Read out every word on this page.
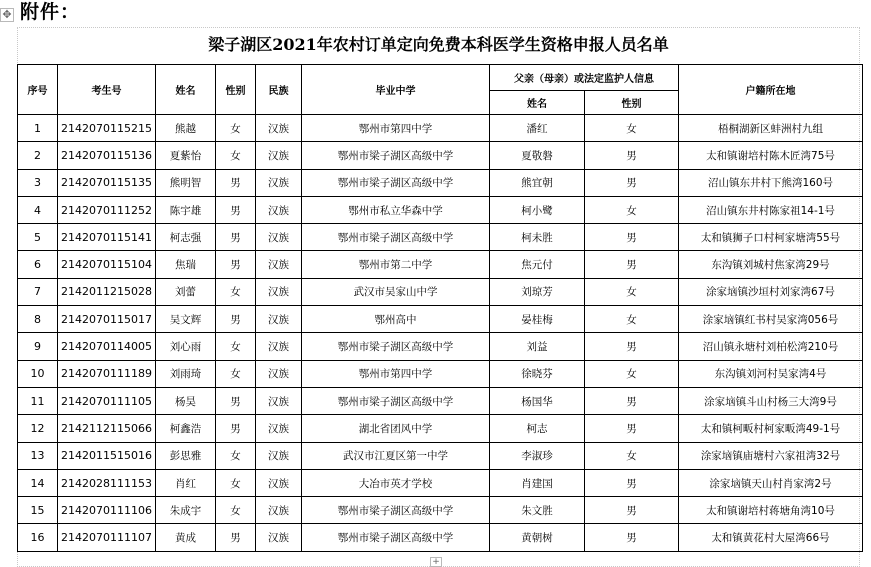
✥ 附件：
梁子湖区2021年农村订单定向免费本科医学生资格申报人员名单
序号	考生号	姓名	性别	民族	毕业中学	父亲（母亲）或法定监护人信息		户籍所在地
						姓名	性别	
1	2142070115215	熊越	女	汉族	鄂州市第四中学	潘红	女	梧桐湖新区蚌洲村九组
2	2142070115136	夏紫怡	女	汉族	鄂州市梁子湖区高级中学	夏敬磐	男	太和镇谢培村陈木匠湾75号
3	2142070115135	熊明智	男	汉族	鄂州市梁子湖区高级中学	熊宜朝	男	沼山镇东井村下熊湾160号
4	2142070111252	陈宇雄	男	汉族	鄂州市私立华森中学	柯小鹭	女	沼山镇东井村陈家祖14-1号
5	2142070115141	柯志强	男	汉族	鄂州市梁子湖区高级中学	柯未胜	男	太和镇狮子口村柯家塘湾55号
6	2142070115104	焦瑞	男	汉族	鄂州市第二中学	焦元付	男	东沟镇刘城村焦家湾29号
7	2142011215028	刘蕾	女	汉族	武汉市吴家山中学	刘琼芳	女	涂家垴镇沙垣村刘家湾67号
8	2142070115017	吴文辉	男	汉族	鄂州高中	晏桂梅	女	涂家垴镇红书村吴家湾056号
9	2142070114005	刘心雨	女	汉族	鄂州市梁子湖区高级中学	刘益	男	沼山镇永塘村刘柏松湾210号
10	2142070111189	刘雨琦	女	汉族	鄂州市第四中学	徐晓芬	女	东沟镇刘河村吴家湾4号
11	2142070111105	杨昊	男	汉族	鄂州市梁子湖区高级中学	杨国华	男	涂家垴镇斗山村杨三大湾9号
12	2142112115066	柯鑫浩	男	汉族	湖北省团风中学	柯志	男	太和镇柯畈村柯家畈湾49-1号
13	2142011515016	彭思雅	女	汉族	武汉市江夏区第一中学	李淑珍	女	涂家垴镇庙塘村六家祖湾32号
14	2142028111153	肖红	女	汉族	大冶市英才学校	肖建国	男	涂家垴镇天山村肖家湾2号
15	2142070111106	朱成宇	女	汉族	鄂州市梁子湖区高级中学	朱文胜	男	太和镇谢培村蒋塘角湾10号
16	2142070111107	黄成	男	汉族	鄂州市梁子湖区高级中学	黄朝树	男	太和镇黄花村大屋湾66号
+
